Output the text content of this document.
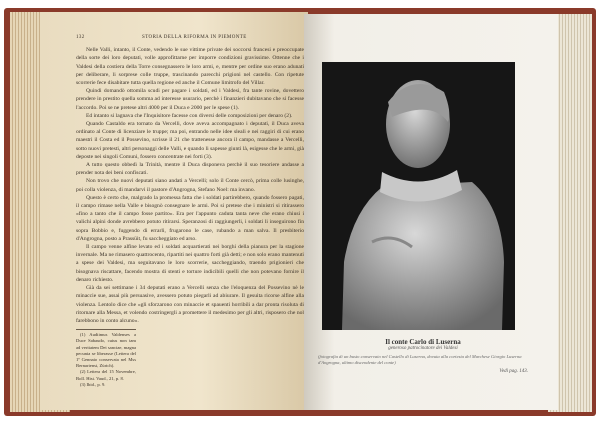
132	STORIA DELLA RIFORMA IN PIEMONTE

Nelle Valli, intanto, il Conte, vedendo le sue vittime private dei soccorsi francesi e preoccupate della sorte dei loro deputati, volle approfittarne per imporre condizioni gravissime. Ottenne che i Valdesi della costiera della Torre consegnassero le loro armi, e, mentre per ordine suo erano adunati per deliberare, li sorprese colle truppe, trascinando parecchi prigioni nel castello. Con ripetute scorrerie fece disabitare tutta quella regione ed anche il Comune limitrofo del Villar.

Quindi domandò ottomila scudi per pagare i soldati, ed i Valdesi, fra tante rovine, dovettero prendere in prestito quella somma ad interesse usurario, perchè i finanzieri dubitavano che si facesse l'accordo. Poi se ne pretese altri 4000 per il Duca e 2000 per le spese (1).

Ed intanto si lagnava che l'Inquisitore facesse con diversi delle composizioni per denaro (2).

Quando Castaldo era tornato da Vercelli, dove aveva accompagnato i deputati, il Duca aveva ordinato al Conte di licenziare le truppe; ma poi, entrando nelle idee sleali e nei raggiri di cui erano maestri il Costa ed il Possevino, scrisse il 21 che trattenesse ancora il campo, mandasse a Vercelli, sotto nuovi pretesti, altri personaggi delle Valli, e quando li sapesse giunti là, esigesse che le armi, già deposte nei singoli Comuni, fossero concentrate nei forti (3).

A tutto questo obbedì la Trinità, mentre il Duca disponeva perchè il suo tesoriere andasse a prender nota dei beni confiscati.

Non trovo che nuovi deputati siano andati a Vercelli; solo il Conte cercò, prima colle lusinghe, poi colla violenza, di mandarvi il pastore d'Angrogna, Stefano Noel: ma invano.

Questo è certo che, malgrado la promessa fatta che i soldati partirebbero, quando fossero pagati, il campo rimase nella Valle e bisognò consegnare le armi. Poi si pretese che i ministri si ritirassero «fino a tanto che il campo fosse partito». Era per l'appunto caduta tanta neve che erano chiusi i valichi alpini donde avrebbero potuto ritirarsi. Speranzosi di raggiungerli, i soldati li inseguirono fin sopra Bobbio e, fuggendo di errarli, frugarono le case, rubando a man salva. Il presbiterio d'Angrogna, posto a Prassüit, fu saccheggiato ed arso.

Il campo venne alfine levato ed i soldati acquartierati nei borghi della pianura per la stagione invernale. Ma ne rimasero quattrocento, ripartiti nei quattro forti già detti; e non solo erano mantenuti a spese dei Valdesi, ma seguitavano le loro scorrerie, saccheggiando, traendo prigionieri che bisognava riscattare, facendo mostra di stenti e torture indicibili quelli che non potevano fornire il denaro richiesto.

Già da sei settimane i 34 deputati erano a Vercelli senza che l'eloquenza del Possevino nè le minaccie sue, assai più persuasive, avessero potuto piegarli ad abiurare. Il gesuita ricorse alfine alla violenza. Lentolo dice che «gli sforzarono con minaccie et spauenti horribili a dar pronta risoluta di ritornare alla Messa, et volendo costringergli a promettere il medesimo per gli altri, risposero che nol farebbono in conto alcuno».

(1) Audiimus Valdenses a Duce Sabaudo, cuius non tam ad veritatem Dei sanctae, magna pecunia se liberasse (Lettera del 1º Gennaio conservata nel Mss Bernariensi, Zürich).

(2) Lettera del 15 Novembre, Boll. Hist. Vaud., 21, p. 8.

(3) Ibid., p. 9.

Il conte Carlo di Luserna
generoso patrocinatore dei Valdesi
(fotografia di un busto conservato nel Castello di Luserna, dovuta alla cortesia del Marchese Giorgio Luserna d'Angrogna, ultimo discendente del conte)
Vedi pag. 143.
